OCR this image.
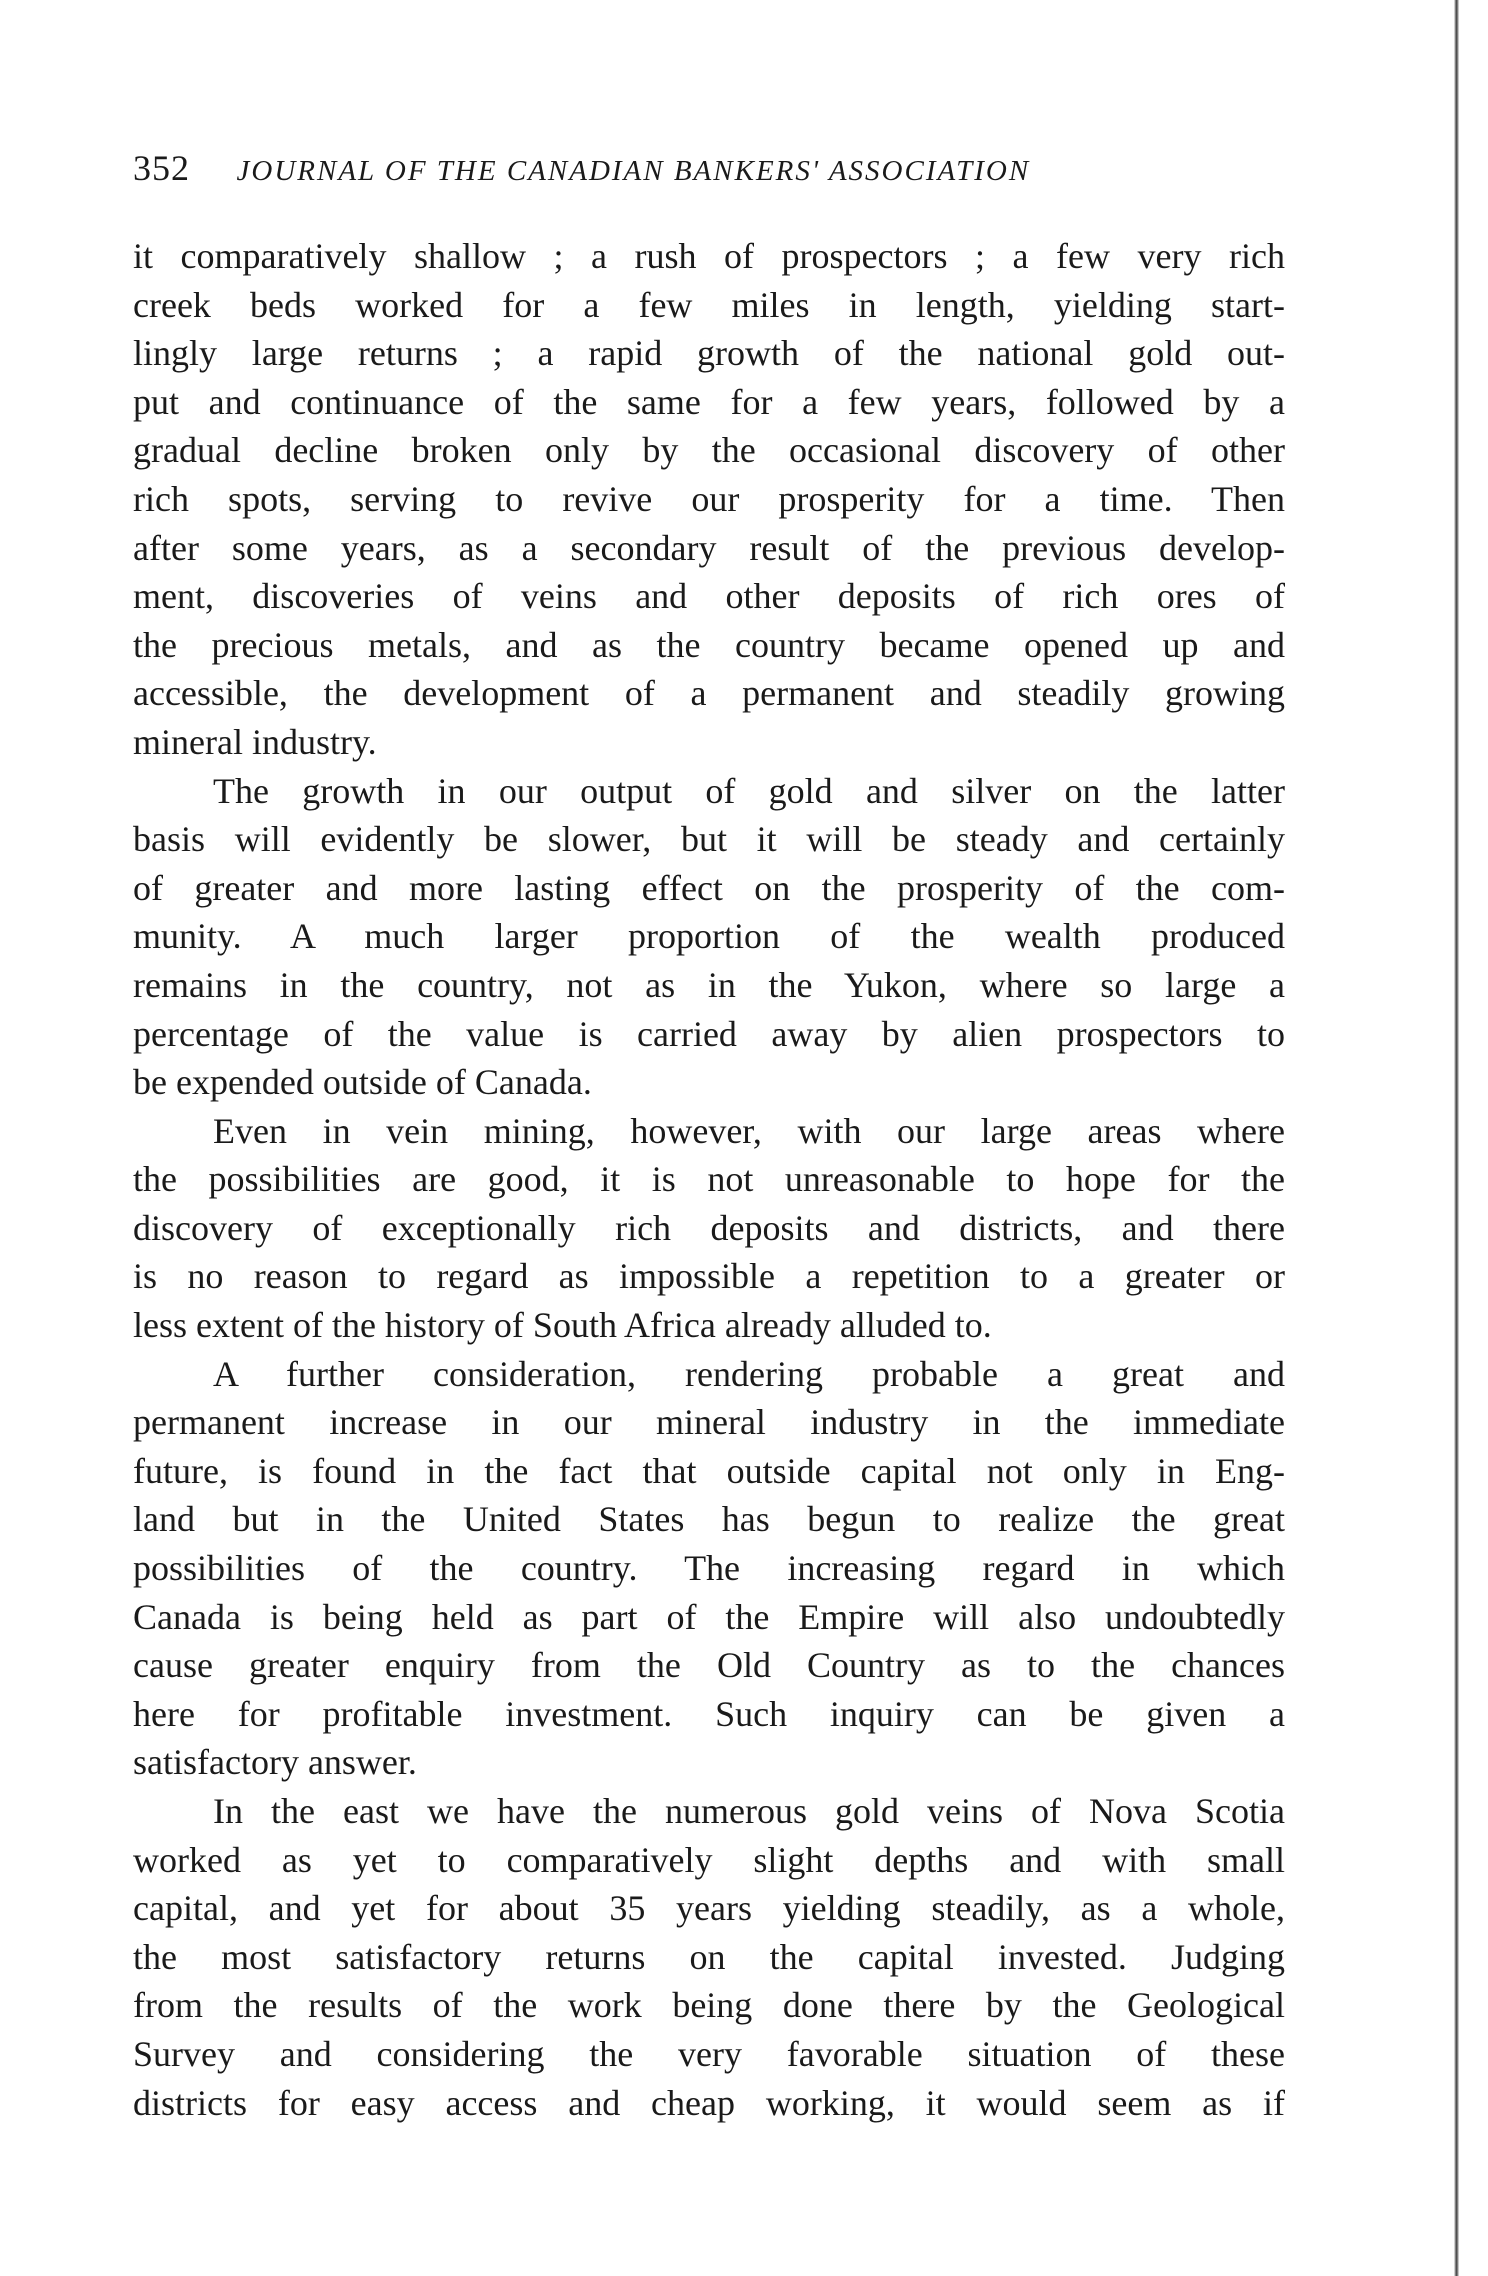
352 JOURNAL OF THE CANADIAN BANKERS' ASSOCIATION
it comparatively shallow ; a rush of prospectors ; a few very rich
creek beds worked for a few miles in length, yielding start-
lingly large returns ; a rapid growth of the national gold out-
put and continuance of the same for a few years, followed by a
gradual decline broken only by the occasional discovery of other
rich spots, serving to revive our prosperity for a time. Then
after some years, as a secondary result of the previous develop-
ment, discoveries of veins and other deposits of rich ores of
the precious metals, and as the country became opened up and
accessible, the development of a permanent and steadily growing
mineral industry.
The growth in our output of gold and silver on the latter
basis will evidently be slower, but it will be steady and certainly
of greater and more lasting effect on the prosperity of the com-
munity. A much larger proportion of the wealth produced
remains in the country, not as in the Yukon, where so large a
percentage of the value is carried away by alien prospectors to
be expended outside of Canada.
Even in vein mining, however, with our large areas where
the possibilities are good, it is not unreasonable to hope for the
discovery of exceptionally rich deposits and districts, and there
is no reason to regard as impossible a repetition to a greater or
less extent of the history of South Africa already alluded to.
A further consideration, rendering probable a great and
permanent increase in our mineral industry in the immediate
future, is found in the fact that outside capital not only in Eng-
land but in the United States has begun to realize the great
possibilities of the country. The increasing regard in which
Canada is being held as part of the Empire will also undoubtedly
cause greater enquiry from the Old Country as to the chances
here for profitable investment. Such inquiry can be given a
satisfactory answer.
In the east we have the numerous gold veins of Nova Scotia
worked as yet to comparatively slight depths and with small
capital, and yet for about 35 years yielding steadily, as a whole,
the most satisfactory returns on the capital invested. Judging
from the results of the work being done there by the Geological
Survey and considering the very favorable situation of these
districts for easy access and cheap working, it would seem as if
